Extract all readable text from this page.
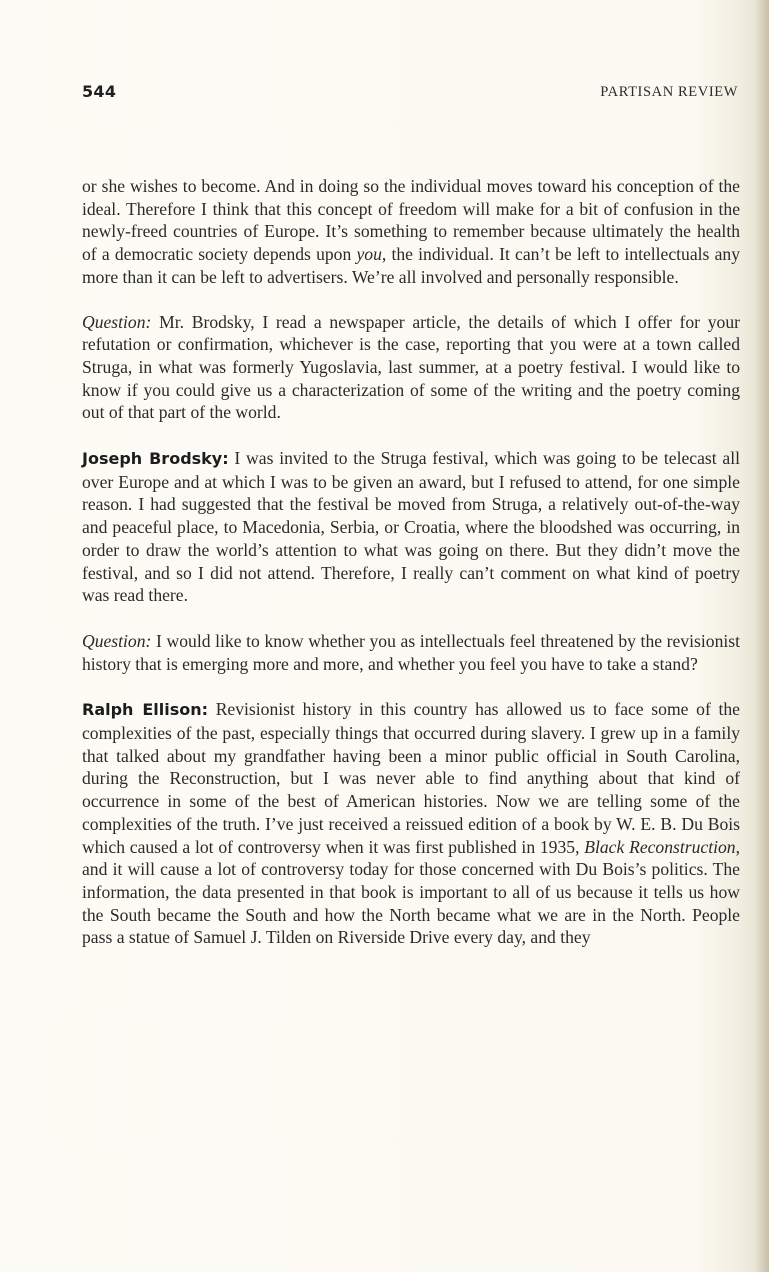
544	PARTISAN REVIEW

or she wishes to become. And in doing so the individual moves toward his conception of the ideal. Therefore I think that this concept of freedom will make for a bit of confusion in the newly-freed countries of Europe. It’s something to remember because ultimately the health of a democratic society depends upon you, the individual. It can’t be left to intellectuals any more than it can be left to advertisers. We’re all involved and personally responsible.

Question: Mr. Brodsky, I read a newspaper article, the details of which I offer for your refutation or confirmation, whichever is the case, reporting that you were at a town called Struga, in what was formerly Yugoslavia, last summer, at a poetry festival. I would like to know if you could give us a characterization of some of the writing and the poetry coming out of that part of the world.

Joseph Brodsky: I was invited to the Struga festival, which was going to be telecast all over Europe and at which I was to be given an award, but I refused to attend, for one simple reason. I had suggested that the festival be moved from Struga, a relatively out-of-the-way and peaceful place, to Macedonia, Serbia, or Croatia, where the bloodshed was occurring, in order to draw the world’s attention to what was going on there. But they didn’t move the festival, and so I did not attend. Therefore, I really can’t comment on what kind of poetry was read there.

Question: I would like to know whether you as intellectuals feel threatened by the revisionist history that is emerging more and more, and whether you feel you have to take a stand?

Ralph Ellison: Revisionist history in this country has allowed us to face some of the complexities of the past, especially things that occurred during slavery. I grew up in a family that talked about my grandfather having been a minor public official in South Carolina, during the Reconstruction, but I was never able to find anything about that kind of occurrence in some of the best of American histories. Now we are telling some of the complexities of the truth. I’ve just received a reissued edition of a book by W. E. B. Du Bois which caused a lot of controversy when it was first published in 1935, Black Reconstruction, and it will cause a lot of controversy today for those concerned with Du Bois’s politics. The information, the data presented in that book is important to all of us because it tells us how the South became the South and how the North became what we are in the North. People pass a statue of Samuel J. Tilden on Riverside Drive every day, and they
